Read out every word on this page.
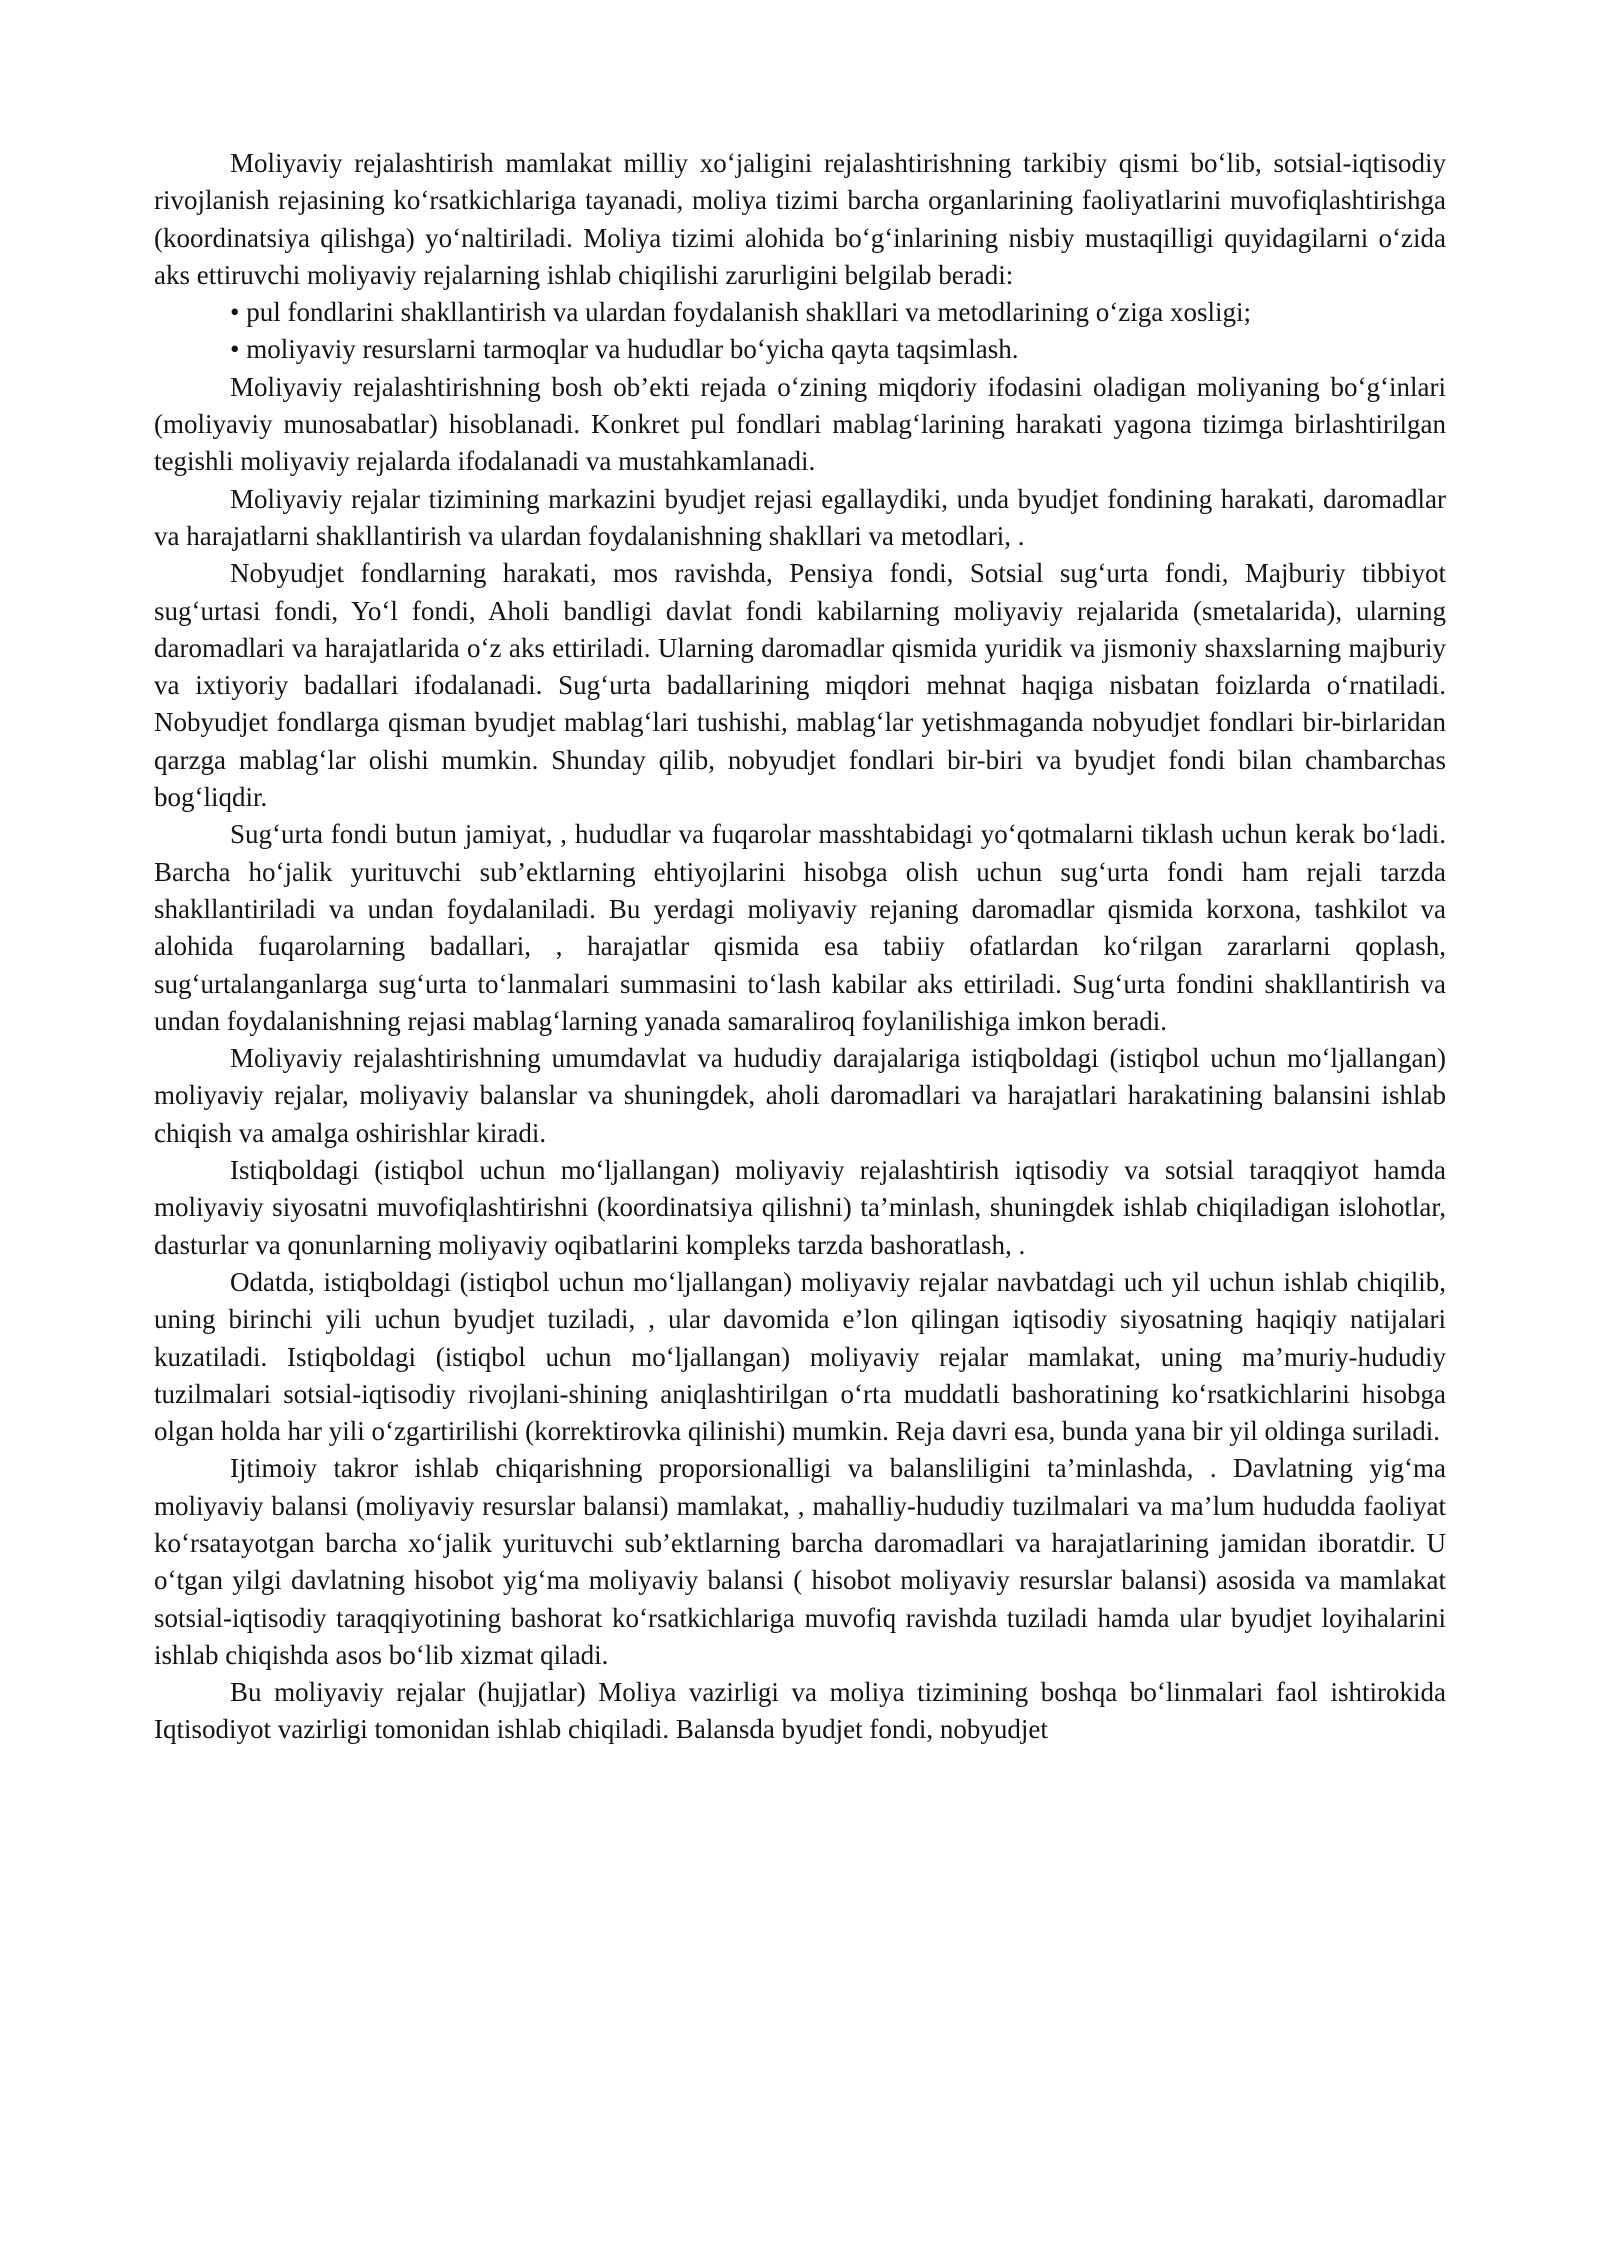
Moliyaviy rejalashtirish mamlakat milliy xo‘jaligini rejalashtirishning tarkibiy qismi bo‘lib, sotsial-iqtisodiy rivojlanish rejasining ko‘rsatkichlariga tayanadi, moliya tizimi barcha organlarining faoliyatlarini muvofiqlashtirishga (koordinatsiya qilishga) yo‘naltiriladi. Moliya tizimi alohida bo‘g‘inlarining nisbiy mustaqilligi quyidagilarni o‘zida aks ettiruvchi moliyaviy rejalarning ishlab chiqilishi zarurligini belgilab beradi:

• pul fondlarini shakllantirish va ulardan foydalanish shakllari va metodlarining o‘ziga xosligi;

• moliyaviy resurslarni tarmoqlar va hududlar bo‘yicha qayta taqsimlash.

Moliyaviy rejalashtirishning bosh ob’ekti rejada o‘zining miqdoriy ifodasini oladigan moliyaning bo‘g‘inlari (moliyaviy munosabatlar) hisoblanadi. Konkret pul fondlari mablag‘larining harakati yagona tizimga birlashtirilgan tegishli moliyaviy rejalarda ifodalanadi va mustahkamlanadi.

Moliyaviy rejalar tizimining markazini byudjet rejasi egallaydiki, unda byudjet fondining harakati, daromadlar va harajatlarni shakllantirish va ulardan foydalanishning shakllari va metodlari, .

Nobyudjet fondlarning harakati, mos ravishda, Pensiya fondi, Sotsial sug‘urta fondi, Majburiy tibbiyot sug‘urtasi fondi, Yo‘l fondi, Aholi bandligi davlat fondi kabilarning moliyaviy rejalarida (smetalarida), ularning daromadlari va harajatlarida o‘z aks ettiriladi. Ularning daromadlar qismida yuridik va jismoniy shaxslarning majburiy va ixtiyoriy badallari ifodalanadi. Sug‘urta badallarining miqdori mehnat haqiga nisbatan foizlarda o‘rnatiladi. Nobyudjet fondlarga qisman byudjet mablag‘lari tushishi, mablag‘lar yetishmaganda nobyudjet fondlari bir-birlaridan qarzga mablag‘lar olishi mumkin. Shunday qilib, nobyudjet fondlari bir-biri va byudjet fondi bilan chambarchas bog‘liqdir.

Sug‘urta fondi butun jamiyat, , hududlar va fuqarolar masshtabidagi yo‘qotmalarni tiklash uchun kerak bo‘ladi. Barcha ho‘jalik yurituvchi sub’ektlarning ehtiyojlarini hisobga olish uchun sug‘urta fondi ham rejali tarzda shakllantiriladi va undan foydalaniladi. Bu yerdagi moliyaviy rejaning daromadlar qismida korxona, tashkilot va alohida fuqarolarning badallari, , harajatlar qismida esa tabiiy ofatlardan ko‘rilgan zararlarni qoplash, sug‘urtalanganlarga sug‘urta to‘lanmalari summasini to‘lash kabilar aks ettiriladi. Sug‘urta fondini shakllantirish va undan foydalanishning rejasi mablag‘larning yanada samaraliroq foylanilishiga imkon beradi.

Moliyaviy rejalashtirishning umumdavlat va hududiy darajalariga istiqboldagi (istiqbol uchun mo‘ljallangan) moliyaviy rejalar, moliyaviy balanslar va shuningdek, aholi daromadlari va harajatlari harakatining balansini ishlab chiqish va amalga oshirishlar kiradi.

Istiqboldagi (istiqbol uchun mo‘ljallangan) moliyaviy rejalashtirish iqtisodiy va sotsial taraqqiyot hamda moliyaviy siyosatni muvofiqlashtirishni (koordinatsiya qilishni) ta’minlash, shuningdek ishlab chiqiladigan islohotlar, dasturlar va qonunlarning moliyaviy oqibatlarini kompleks tarzda bashoratlash, .

Odatda, istiqboldagi (istiqbol uchun mo‘ljallangan) moliyaviy rejalar navbatdagi uch yil uchun ishlab chiqilib, uning birinchi yili uchun byudjet tuziladi, , ular davomida e’lon qilingan iqtisodiy siyosatning haqiqiy natijalari kuzatiladi. Istiqboldagi (istiqbol uchun mo‘ljallangan) moliyaviy rejalar mamlakat, uning ma’muriy-hududiy tuzilmalari sotsial-iqtisodiy rivojlani-shining aniqlashtirilgan o‘rta muddatli bashoratining ko‘rsatkichlarini hisobga olgan holda har yili o‘zgartirilishi (korrektirovka qilinishi) mumkin. Reja davri esa, bunda yana bir yil oldinga suriladi.

Ijtimoiy takror ishlab chiqarishning proporsionalligi va balansliligini ta’minlashda, . Davlatning yig‘ma moliyaviy balansi (moliyaviy resurslar balansi) mamlakat, , mahalliy-hududiy tuzilmalari va ma’lum hududda faoliyat ko‘rsatayotgan barcha xo‘jalik yurituvchi sub’ektlarning barcha daromadlari va harajatlarining jamidan iboratdir. U o‘tgan yilgi davlatning hisobot yig‘ma moliyaviy balansi ( hisobot moliyaviy resurslar balansi) asosida va mamlakat sotsial-iqtisodiy taraqqiyotining bashorat ko‘rsatkichlariga muvofiq ravishda tuziladi hamda ular byudjet loyihalarini ishlab chiqishda asos bo‘lib xizmat qiladi.

Bu moliyaviy rejalar (hujjatlar) Moliya vazirligi va moliya tizimining boshqa bo‘linmalari faol ishtirokida Iqtisodiyot vazirligi tomonidan ishlab chiqiladi. Balansda byudjet fondi, nobyudjet
